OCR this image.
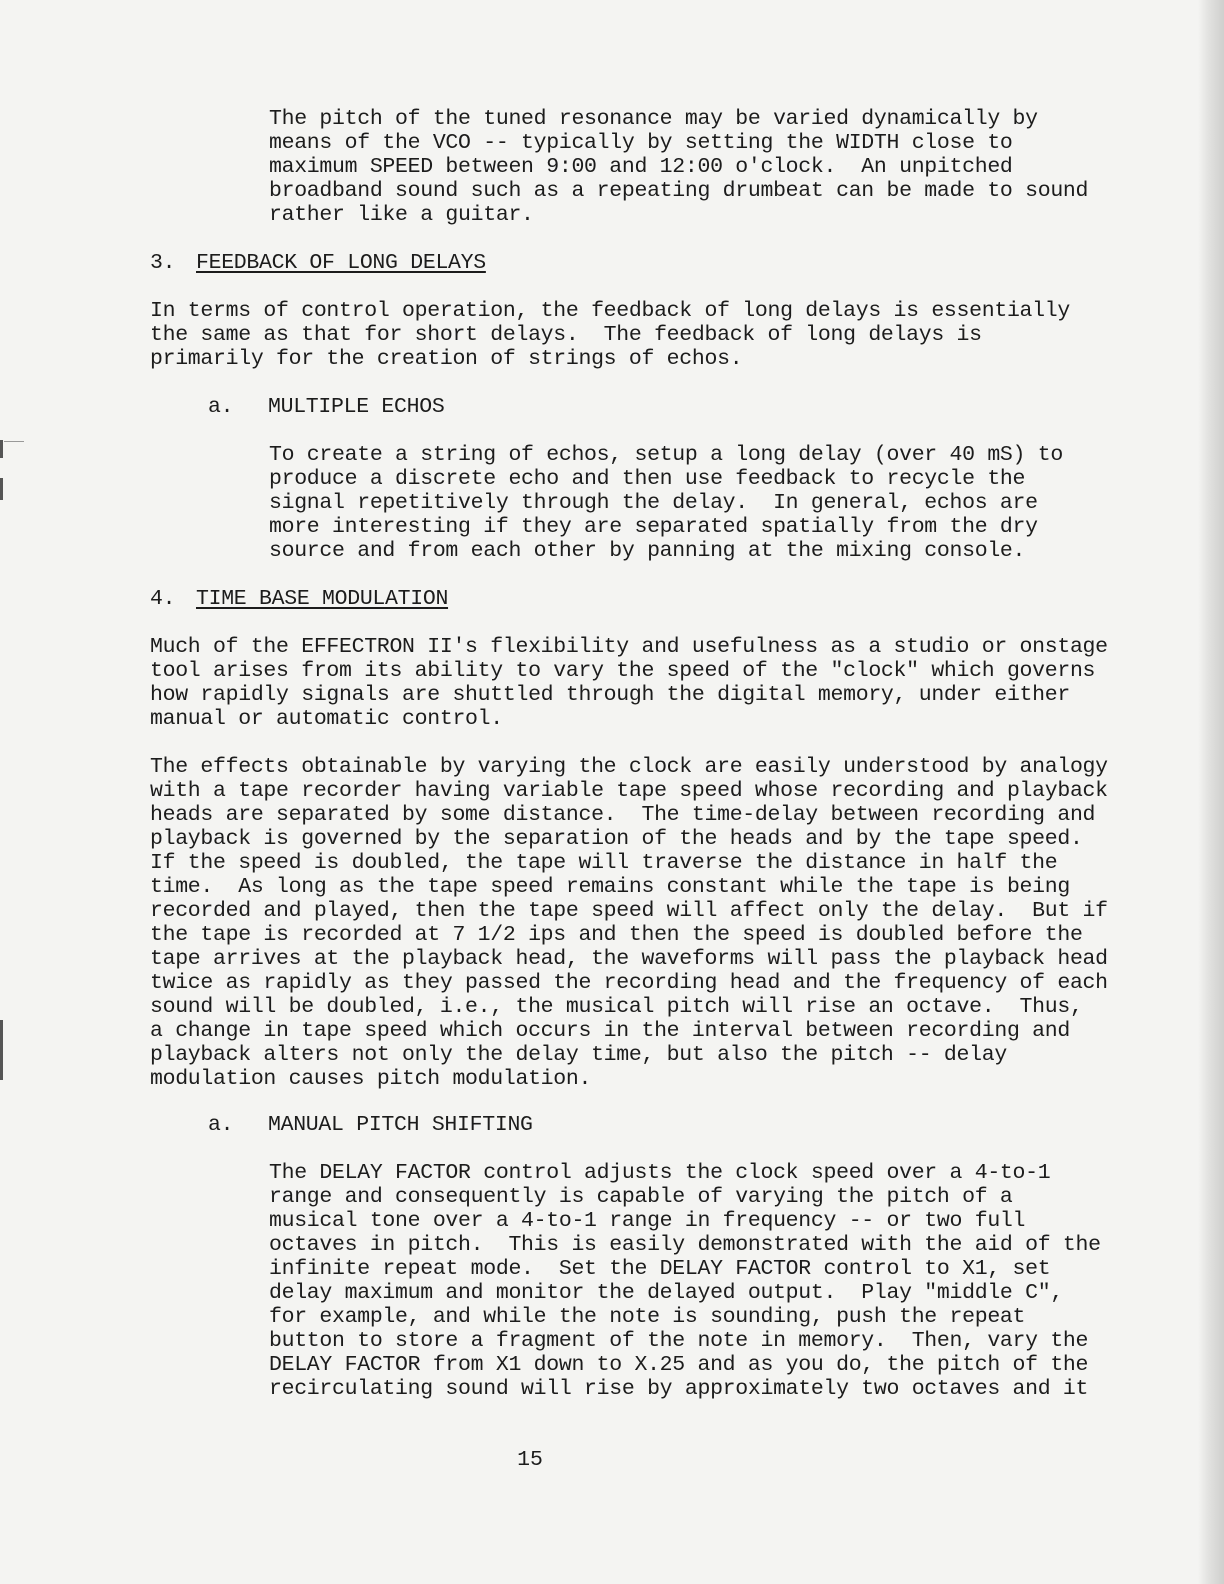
The pitch of the tuned resonance may be varied dynamically by
means of the VCO -- typically by setting the WIDTH close to
maximum SPEED between 9:00 and 12:00 o'clock.  An unpitched
broadband sound such as a repeating drumbeat can be made to sound
rather like a guitar.

3.

FEEDBACK OF LONG DELAYS

In terms of control operation, the feedback of long delays is essentially
the same as that for short delays.  The feedback of long delays is
primarily for the creation of strings of echos.

a.

MULTIPLE ECHOS

To create a string of echos, setup a long delay (over 40 mS) to
produce a discrete echo and then use feedback to recycle the
signal repetitively through the delay.  In general, echos are
more interesting if they are separated spatially from the dry
source and from each other by panning at the mixing console.

4.

TIME BASE MODULATION

Much of the EFFECTRON II's flexibility and usefulness as a studio or onstage
tool arises from its ability to vary the speed of the "clock" which governs
how rapidly signals are shuttled through the digital memory, under either
manual or automatic control.

The effects obtainable by varying the clock are easily understood by analogy
with a tape recorder having variable tape speed whose recording and playback
heads are separated by some distance.  The time-delay between recording and
playback is governed by the separation of the heads and by the tape speed.
If the speed is doubled, the tape will traverse the distance in half the
time.  As long as the tape speed remains constant while the tape is being
recorded and played, then the tape speed will affect only the delay.  But if
the tape is recorded at 7 1/2 ips and then the speed is doubled before the
tape arrives at the playback head, the waveforms will pass the playback head
twice as rapidly as they passed the recording head and the frequency of each
sound will be doubled, i.e., the musical pitch will rise an octave.  Thus,
a change in tape speed which occurs in the interval between recording and
playback alters not only the delay time, but also the pitch -- delay
modulation causes pitch modulation.

a.

MANUAL PITCH SHIFTING

The DELAY FACTOR control adjusts the clock speed over a 4-to-1
range and consequently is capable of varying the pitch of a
musical tone over a 4-to-1 range in frequency -- or two full
octaves in pitch.  This is easily demonstrated with the aid of the
infinite repeat mode.  Set the DELAY FACTOR control to X1, set
delay maximum and monitor the delayed output.  Play "middle C",
for example, and while the note is sounding, push the repeat
button to store a fragment of the note in memory.  Then, vary the
DELAY FACTOR from X1 down to X.25 and as you do, the pitch of the
recirculating sound will rise by approximately two octaves and it

15
